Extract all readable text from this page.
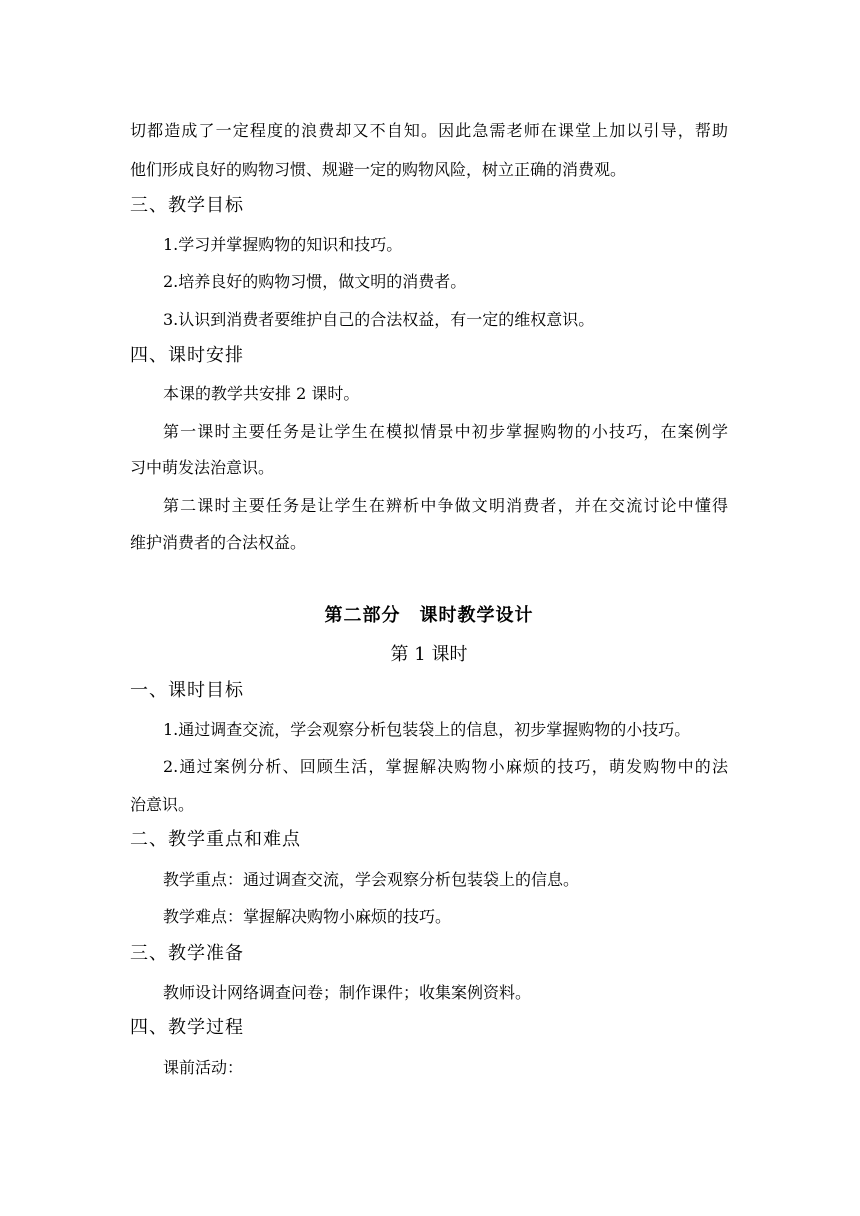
切都造成了一定程度的浪费却又不自知。因此急需老师在课堂上加以引导，帮助
他们形成良好的购物习惯、规避一定的购物风险，树立正确的消费观。
三、教学目标
1.学习并掌握购物的知识和技巧。
2.培养良好的购物习惯，做文明的消费者。
3.认识到消费者要维护自己的合法权益，有一定的维权意识。
四、课时安排
本课的教学共安排 2 课时。
第一课时主要任务是让学生在模拟情景中初步掌握购物的小技巧，在案例学
习中萌发法治意识。
第二课时主要任务是让学生在辨析中争做文明消费者，并在交流讨论中懂得
维护消费者的合法权益。
第二部分　课时教学设计
第 1 课时
一、课时目标
1.通过调查交流，学会观察分析包装袋上的信息，初步掌握购物的小技巧。
2.通过案例分析、回顾生活，掌握解决购物小麻烦的技巧，萌发购物中的法
治意识。
二、教学重点和难点
教学重点：通过调查交流，学会观察分析包装袋上的信息。
教学难点：掌握解决购物小麻烦的技巧。
三、教学准备
教师设计网络调查问卷；制作课件；收集案例资料。
四、教学过程
课前活动：
